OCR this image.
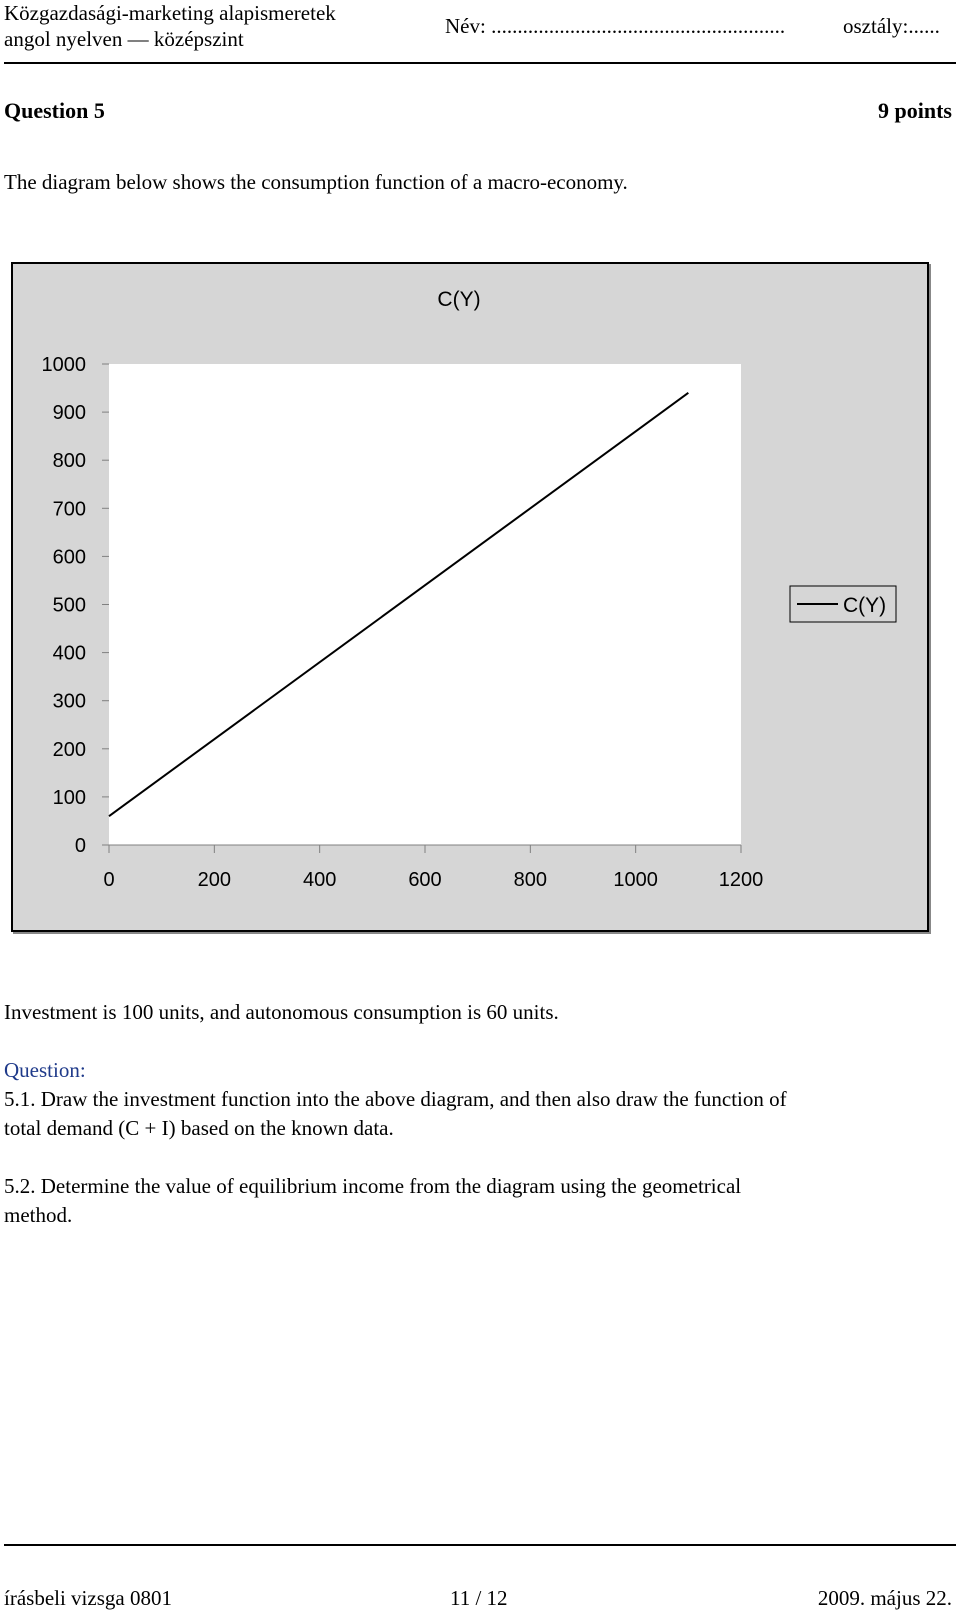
Közgazdasági-marketing alapismeretek
angol nyelven — középszint
Név: ........................................................	osztály:......
Question 5	9 points
The diagram below shows the consumption function of a macro-economy.
C(Y)
0
100
200
300
400
500
600
700
800
900
1000
0	200	400	600	800	1000	1200
C(Y)
Investment is 100 units, and autonomous consumption is 60 units.
Question:
5.1. Draw the investment function into the above diagram, and then also draw the function of
total demand (C + I) based on the known data.
5.2. Determine the value of equilibrium income from the diagram using the geometrical
method.
írásbeli vizsga 0801	11 / 12	2009. május 22.
